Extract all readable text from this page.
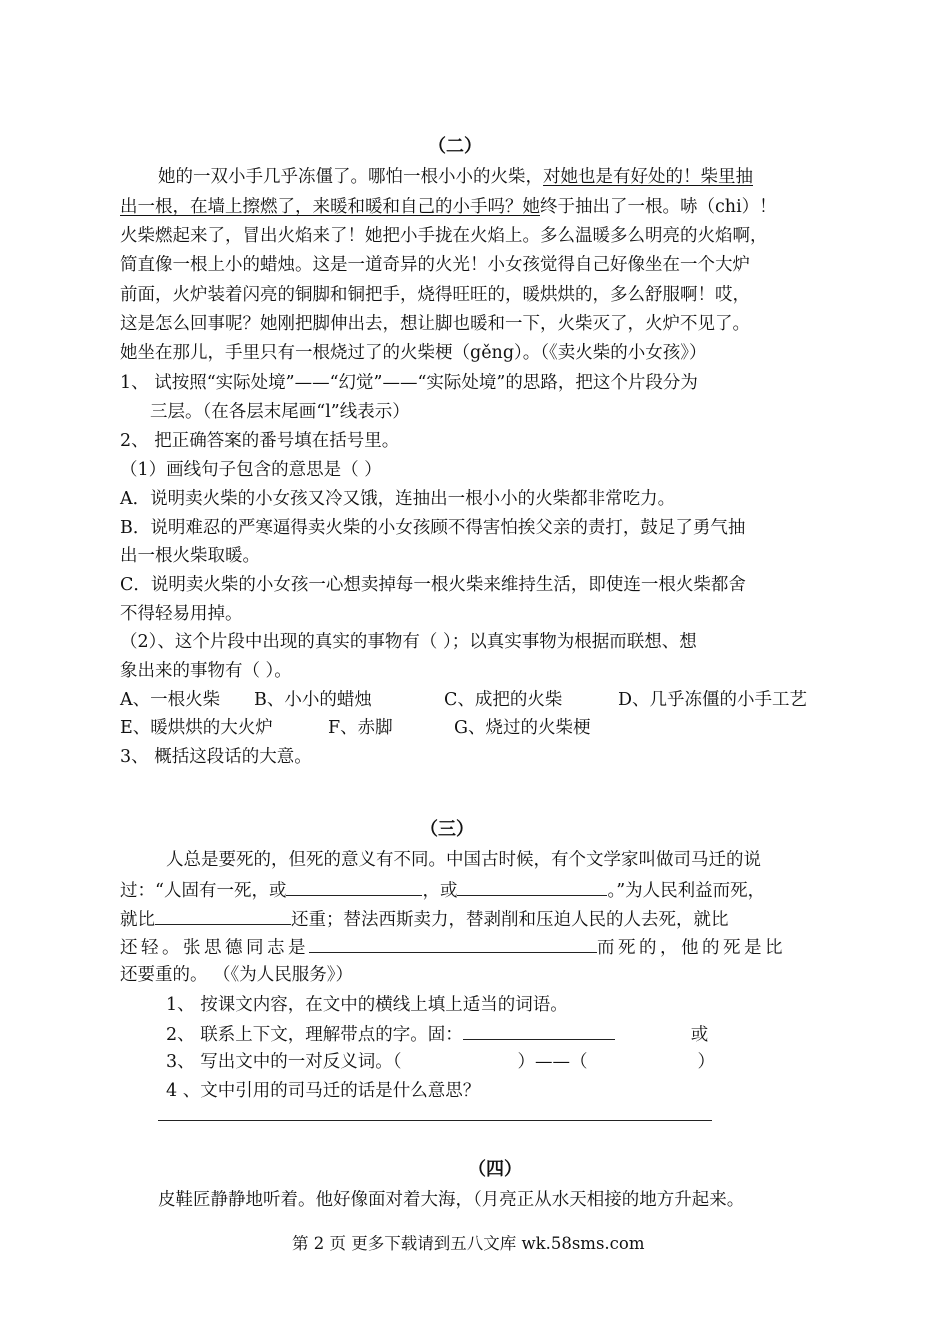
（二）
她的一双小手几乎冻僵了。哪怕一根小小的火柴，对她也是有好处的！柴里抽
出一根，在墙上擦燃了，来暖和暖和自己的小手吗？她终于抽出了一根。哧（chi）！
火柴燃起来了，冒出火焰来了！她把小手拢在火焰上。多么温暖多么明亮的火焰啊，
简直像一根上小的蜡烛。这是一道奇异的火光！小女孩觉得自己好像坐在一个大炉
前面，火炉装着闪亮的铜脚和铜把手，烧得旺旺的，暖烘烘的，多么舒服啊！哎，
这是怎么回事呢？她刚把脚伸出去，想让脚也暖和一下，火柴灭了，火炉不见了。
她坐在那儿，手里只有一根烧过了的火柴梗（gěng）。（《卖火柴的小女孩》）
1、 试按照“实际处境”——“幻觉”——“实际处境”的思路，把这个片段分为
三层。（在各层末尾画“l”线表示）
2、 把正确答案的番号填在括号里。
（1）画线句子包含的意思是（ ）
A．说明卖火柴的小女孩又冷又饿，连抽出一根小小的火柴都非常吃力。
B．说明难忍的严寒逼得卖火柴的小女孩顾不得害怕挨父亲的责打，鼓足了勇气抽
出一根火柴取暖。
C．说明卖火柴的小女孩一心想卖掉每一根火柴来维持生活，即使连一根火柴都舍
不得轻易用掉。
（2）、这个片段中出现的真实的事物有（ ）；以真实事物为根据而联想、想
象出来的事物有（ ）。
A、一根火柴 B、小小的蜡烛	C、成把的火柴	D、几乎冻僵的小手工艺
E、暖烘烘的大火炉	F、赤脚	G、烧过的火柴梗
3、 概括这段话的大意。
（三）
人总是要死的，但死的意义有不同。中国古时候，有个文学家叫做司马迁的说
过：“人固有一死，或	，或	。”为人民利益而死，
就比	还重；替法西斯卖力，替剥削和压迫人民的人去死，就比
还轻。张思德同志是	而死的，他的死是比
还要重的。 （《为人民服务》）
1、 按课文内容，在文中的横线上填上适当的词语。
2、 联系上下文，理解带点的字。固：	或
3、 写出文中的一对反义词。（	）——（	）
4 、文中引用的司马迁的话是什么意思？
（四）
皮鞋匠静静地听着。他好像面对着大海，（月亮正从水天相接的地方升起来。
第 2 页 更多下载请到五八文库 wk.58sms.com
